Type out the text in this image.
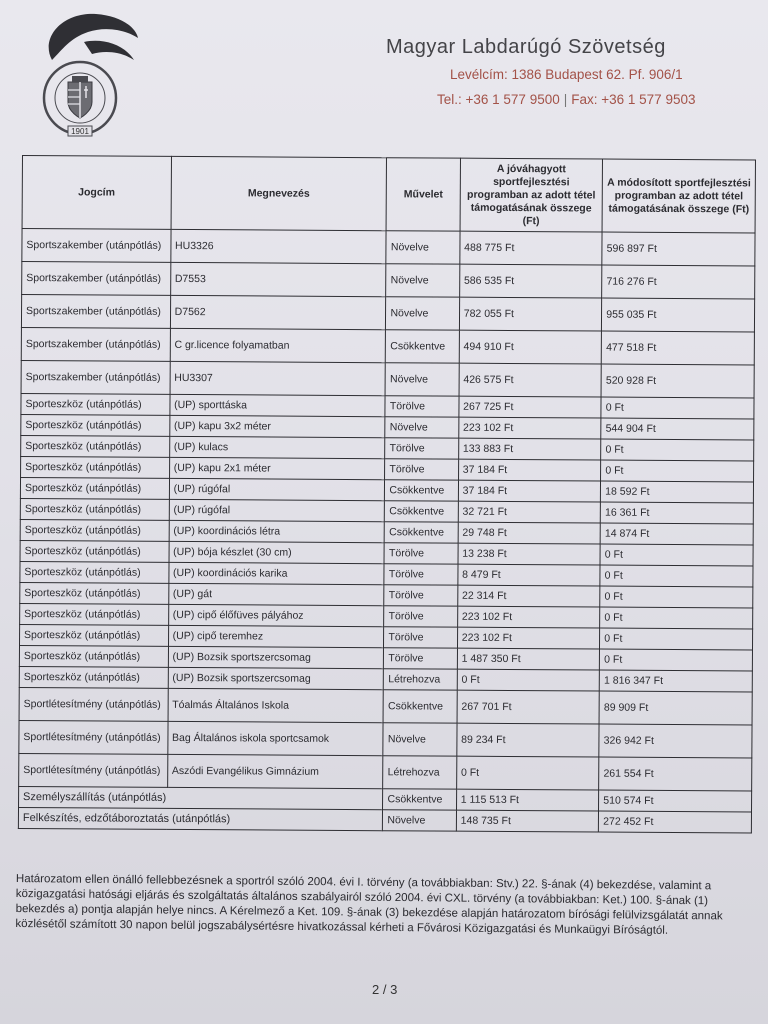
1901
Magyar Labdarúgó Szövetség
Levélcím: 1386 Budapest 62. Pf. 906/1
Tel.: +36 1 577 9500 | Fax: +36 1 577 9503
Jogcím	Megnevezés	Művelet	A jóváhagyott sportfejlesztési programban az adott tétel támogatásának összege (Ft)	A módosított sportfejlesztési programban az adott tétel támogatásának összege (Ft)
Sportszakember (utánpótlás)	HU3326	Növelve	488 775 Ft	596 897 Ft
Sportszakember (utánpótlás)	D7553	Növelve	586 535 Ft	716 276 Ft
Sportszakember (utánpótlás)	D7562	Növelve	782 055 Ft	955 035 Ft
Sportszakember (utánpótlás)	C gr.licence folyamatban	Csökkentve	494 910 Ft	477 518 Ft
Sportszakember (utánpótlás)	HU3307	Növelve	426 575 Ft	520 928 Ft
Sporteszköz (utánpótlás)	(UP) sporttáska	Törölve	267 725 Ft	0 Ft
Sporteszköz (utánpótlás)	(UP) kapu 3x2 méter	Növelve	223 102 Ft	544 904 Ft
Sporteszköz (utánpótlás)	(UP) kulacs	Törölve	133 883 Ft	0 Ft
Sporteszköz (utánpótlás)	(UP) kapu 2x1 méter	Törölve	37 184 Ft	0 Ft
Sporteszköz (utánpótlás)	(UP) rúgófal	Csökkentve	37 184 Ft	18 592 Ft
Sporteszköz (utánpótlás)	(UP) rúgófal	Csökkentve	32 721 Ft	16 361 Ft
Sporteszköz (utánpótlás)	(UP) koordinációs létra	Csökkentve	29 748 Ft	14 874 Ft
Sporteszköz (utánpótlás)	(UP) bója készlet (30 cm)	Törölve	13 238 Ft	0 Ft
Sporteszköz (utánpótlás)	(UP) koordinációs karika	Törölve	8 479 Ft	0 Ft
Sporteszköz (utánpótlás)	(UP) gát	Törölve	22 314 Ft	0 Ft
Sporteszköz (utánpótlás)	(UP) cipő élőfüves pályához	Törölve	223 102 Ft	0 Ft
Sporteszköz (utánpótlás)	(UP) cipő teremhez	Törölve	223 102 Ft	0 Ft
Sporteszköz (utánpótlás)	(UP) Bozsik sportszercsomag	Törölve	1 487 350 Ft	0 Ft
Sporteszköz (utánpótlás)	(UP) Bozsik sportszercsomag	Létrehozva	0 Ft	1 816 347 Ft
Sportlétesítmény (utánpótlás)	Tóalmás Általános Iskola	Csökkentve	267 701 Ft	89 909 Ft
Sportlétesítmény (utánpótlás)	Bag Általános iskola sportcsamok	Növelve	89 234 Ft	326 942 Ft
Sportlétesítmény (utánpótlás)	Aszódi Evangélikus Gimnázium	Létrehozva	0 Ft	261 554 Ft
Személyszállítás (utánpótlás)		Csökkentve	1 115 513 Ft	510 574 Ft
Felkészítés, edzőtáboroztatás (utánpótlás)		Növelve	148 735 Ft	272 452 Ft
Határozatom ellen önálló fellebbezésnek a sportról szóló 2004. évi I. törvény (a továbbiakban: Stv.) 22. §-ának (4) bekezdése, valamint a közigazgatási hatósági eljárás és szolgáltatás általános szabályairól szóló 2004. évi CXL. törvény (a továbbiakban: Ket.) 100. §-ának (1) bekezdés a) pontja alapján helye nincs. A Kérelmező a Ket. 109. §-ának (3) bekezdése alapján határozatom bírósági felülvizsgálatát annak közlésétől számított 30 napon belül jogszabálysértésre hivatkozással kérheti a Fővárosi Közigazgatási és Munkaügyi Bíróságtól.
2 / 3
